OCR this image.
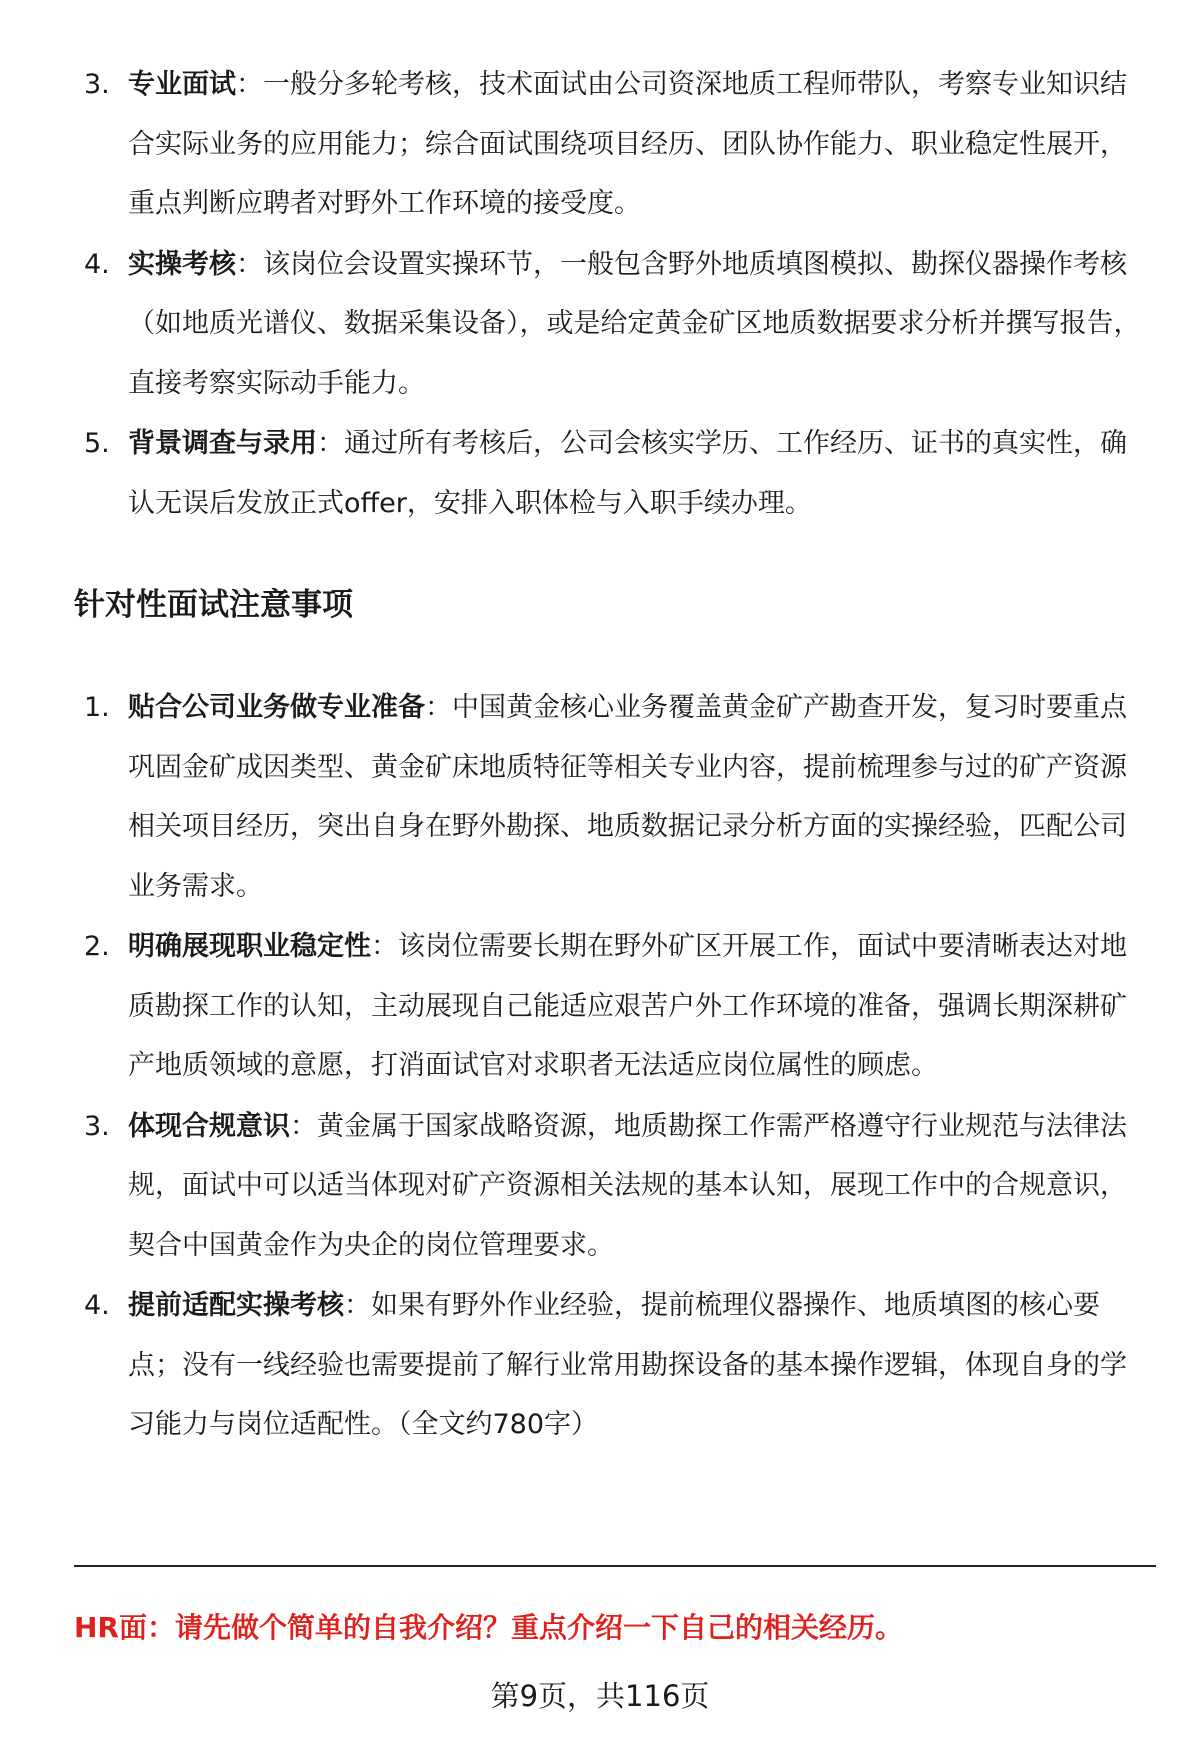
3. 专业面试：一般分多轮考核，技术面试由公司资深地质工程师带队，考察专业知识结合实际业务的应用能力；综合面试围绕项目经历、团队协作能力、职业稳定性展开，重点判断应聘者对野外工作环境的接受度。
4. 实操考核：该岗位会设置实操环节，一般包含野外地质填图模拟、勘探仪器操作考核（如地质光谱仪、数据采集设备），或是给定黄金矿区地质数据要求分析并撰写报告，直接考察实际动手能力。
5. 背景调查与录用：通过所有考核后，公司会核实学历、工作经历、证书的真实性，确认无误后发放正式offer，安排入职体检与入职手续办理。
针对性面试注意事项
1. 贴合公司业务做专业准备：中国黄金核心业务覆盖黄金矿产勘查开发，复习时要重点巩固金矿成因类型、黄金矿床地质特征等相关专业内容，提前梳理参与过的矿产资源相关项目经历，突出自身在野外勘探、地质数据记录分析方面的实操经验，匹配公司业务需求。
2. 明确展现职业稳定性：该岗位需要长期在野外矿区开展工作，面试中要清晰表达对地质勘探工作的认知，主动展现自己能适应艰苦户外工作环境的准备，强调长期深耕矿产地质领域的意愿，打消面试官对求职者无法适应岗位属性的顾虑。
3. 体现合规意识：黄金属于国家战略资源，地质勘探工作需严格遵守行业规范与法律法规，面试中可以适当体现对矿产资源相关法规的基本认知，展现工作中的合规意识，契合中国黄金作为央企的岗位管理要求。
4. 提前适配实操考核：如果有野外作业经验，提前梳理仪器操作、地质填图的核心要点；没有一线经验也需要提前了解行业常用勘探设备的基本操作逻辑，体现自身的学习能力与岗位适配性。（全文约780字）

HR面：请先做个简单的自我介绍？重点介绍一下自己的相关经历。

第9页，共116页
